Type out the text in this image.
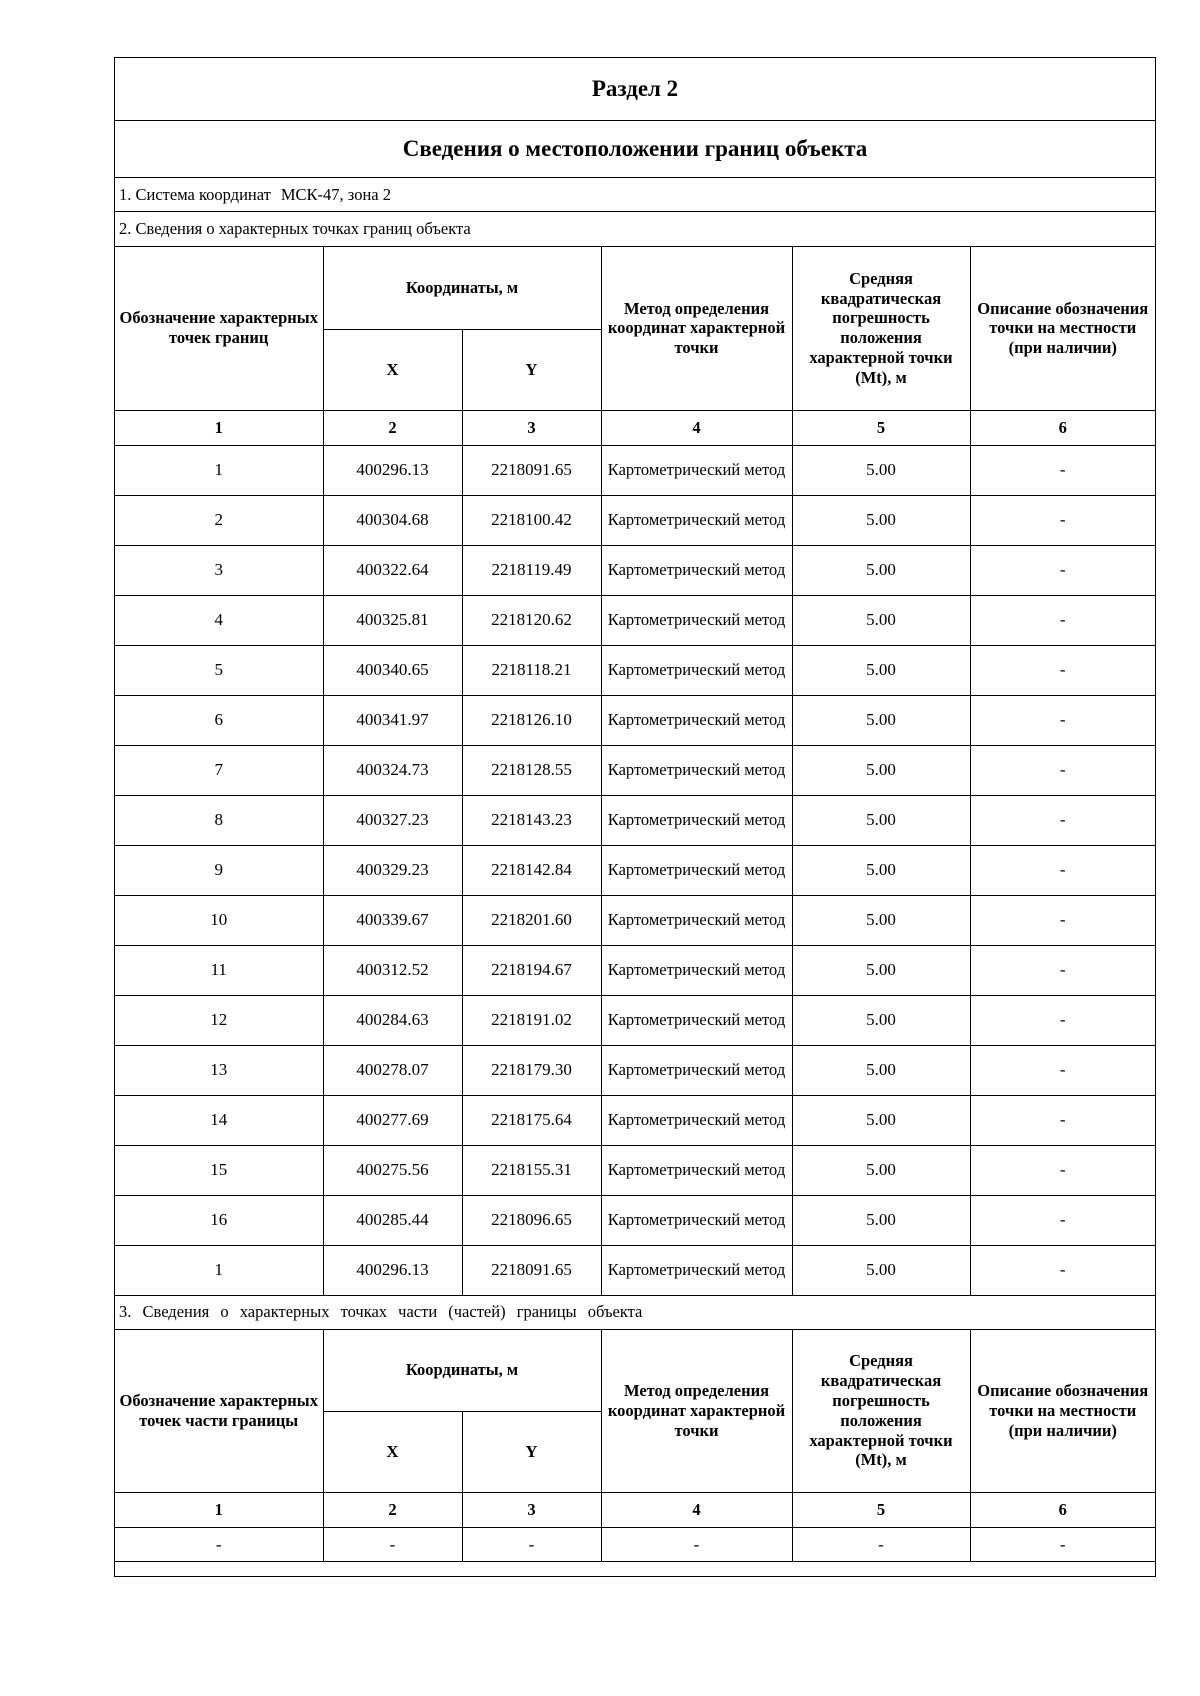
Раздел 2
Сведения о местоположении границ объекта
1. Система координат МСК-47, зона 2
2. Сведения о характерных точках границ объекта
Обозначение характерных точек границ	Координаты, м		Метод определения координат характерной точки	Средняя квадратическая погрешность положения характерной точки (Mt), м	Описание обозначения точки на местности (при наличии)
	X	Y			
1	2	3	4	5	6
1	400296.13	2218091.65	Картометрический метод	5.00	-
2	400304.68	2218100.42	Картометрический метод	5.00	-
3	400322.64	2218119.49	Картометрический метод	5.00	-
4	400325.81	2218120.62	Картометрический метод	5.00	-
5	400340.65	2218118.21	Картометрический метод	5.00	-
6	400341.97	2218126.10	Картометрический метод	5.00	-
7	400324.73	2218128.55	Картометрический метод	5.00	-
8	400327.23	2218143.23	Картометрический метод	5.00	-
9	400329.23	2218142.84	Картометрический метод	5.00	-
10	400339.67	2218201.60	Картометрический метод	5.00	-
11	400312.52	2218194.67	Картометрический метод	5.00	-
12	400284.63	2218191.02	Картометрический метод	5.00	-
13	400278.07	2218179.30	Картометрический метод	5.00	-
14	400277.69	2218175.64	Картометрический метод	5.00	-
15	400275.56	2218155.31	Картометрический метод	5.00	-
16	400285.44	2218096.65	Картометрический метод	5.00	-
1	400296.13	2218091.65	Картометрический метод	5.00	-
3. Сведения о характерных точках части (частей) границы объекта
Обозначение характерных точек части границы	Координаты, м		Метод определения координат характерной точки	Средняя квадратическая погрешность положения характерной точки (Mt), м	Описание обозначения точки на местности (при наличии)
	X	Y			
1	2	3	4	5	6
-	-	-	-	-	-
